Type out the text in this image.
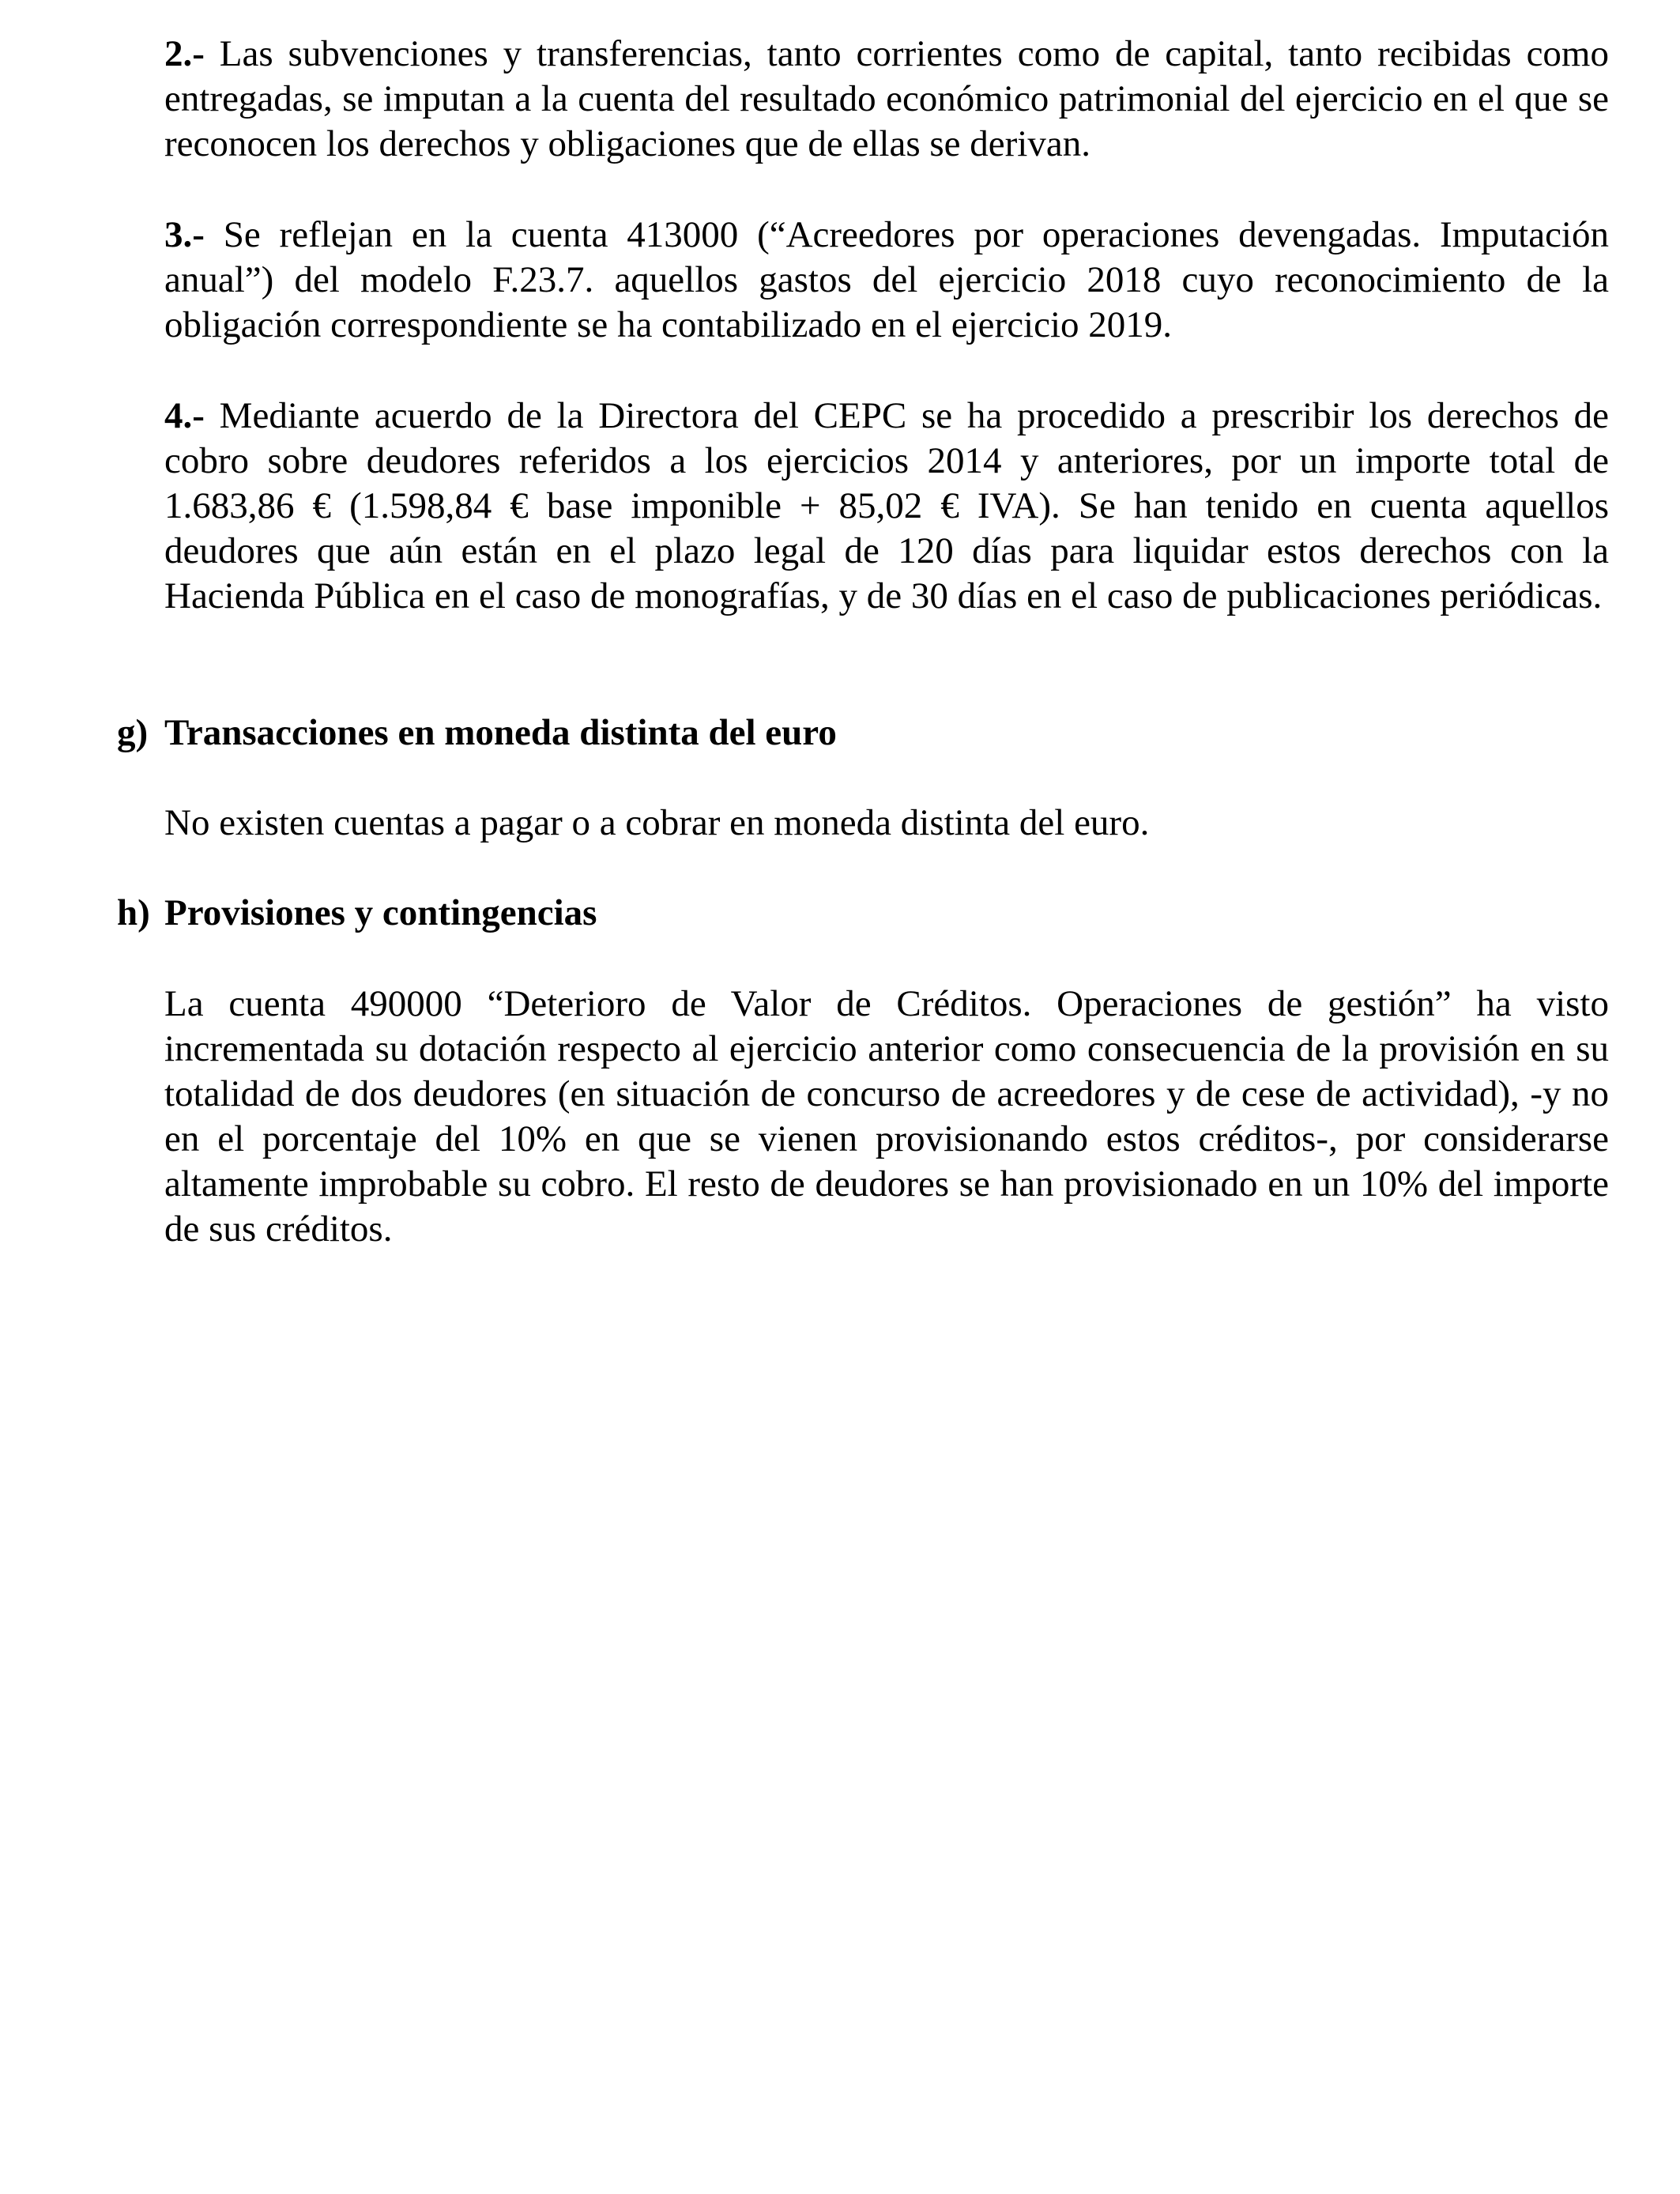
2.- Las subvenciones y transferencias, tanto corrientes como de capital, tanto recibidas como entregadas, se imputan a la cuenta del resultado económico patrimonial del ejercicio en el que se reconocen los derechos y obligaciones que de ellas se derivan.

3.- Se reflejan en la cuenta 413000 (“Acreedores por operaciones devengadas. Imputación anual”) del modelo F.23.7. aquellos gastos del ejercicio 2018 cuyo reconocimiento de la obligación correspondiente se ha contabilizado en el ejercicio 2019.

4.- Mediante acuerdo de la Directora del CEPC se ha procedido a prescribir los derechos de cobro sobre deudores referidos a los ejercicios 2014 y anteriores, por un importe total de 1.683,86 € (1.598,84 € base imponible + 85,02 € IVA). Se han tenido en cuenta aquellos deudores que aún están en el plazo legal de 120 días para liquidar estos derechos con la Hacienda Pública en el caso de monografías, y de 30 días en el caso de publicaciones periódicas.

g) Transacciones en moneda distinta del euro

No existen cuentas a pagar o a cobrar en moneda distinta del euro.

h) Provisiones y contingencias

La cuenta 490000 “Deterioro de Valor de Créditos. Operaciones de gestión” ha visto incrementada su dotación respecto al ejercicio anterior como consecuencia de la provisión en su totalidad de dos deudores (en situación de concurso de acreedores y de cese de actividad), -y no en el porcentaje del 10% en que se vienen provisionando estos créditos-, por considerarse altamente improbable su cobro. El resto de deudores se han provisionado en un 10% del importe de sus créditos.
